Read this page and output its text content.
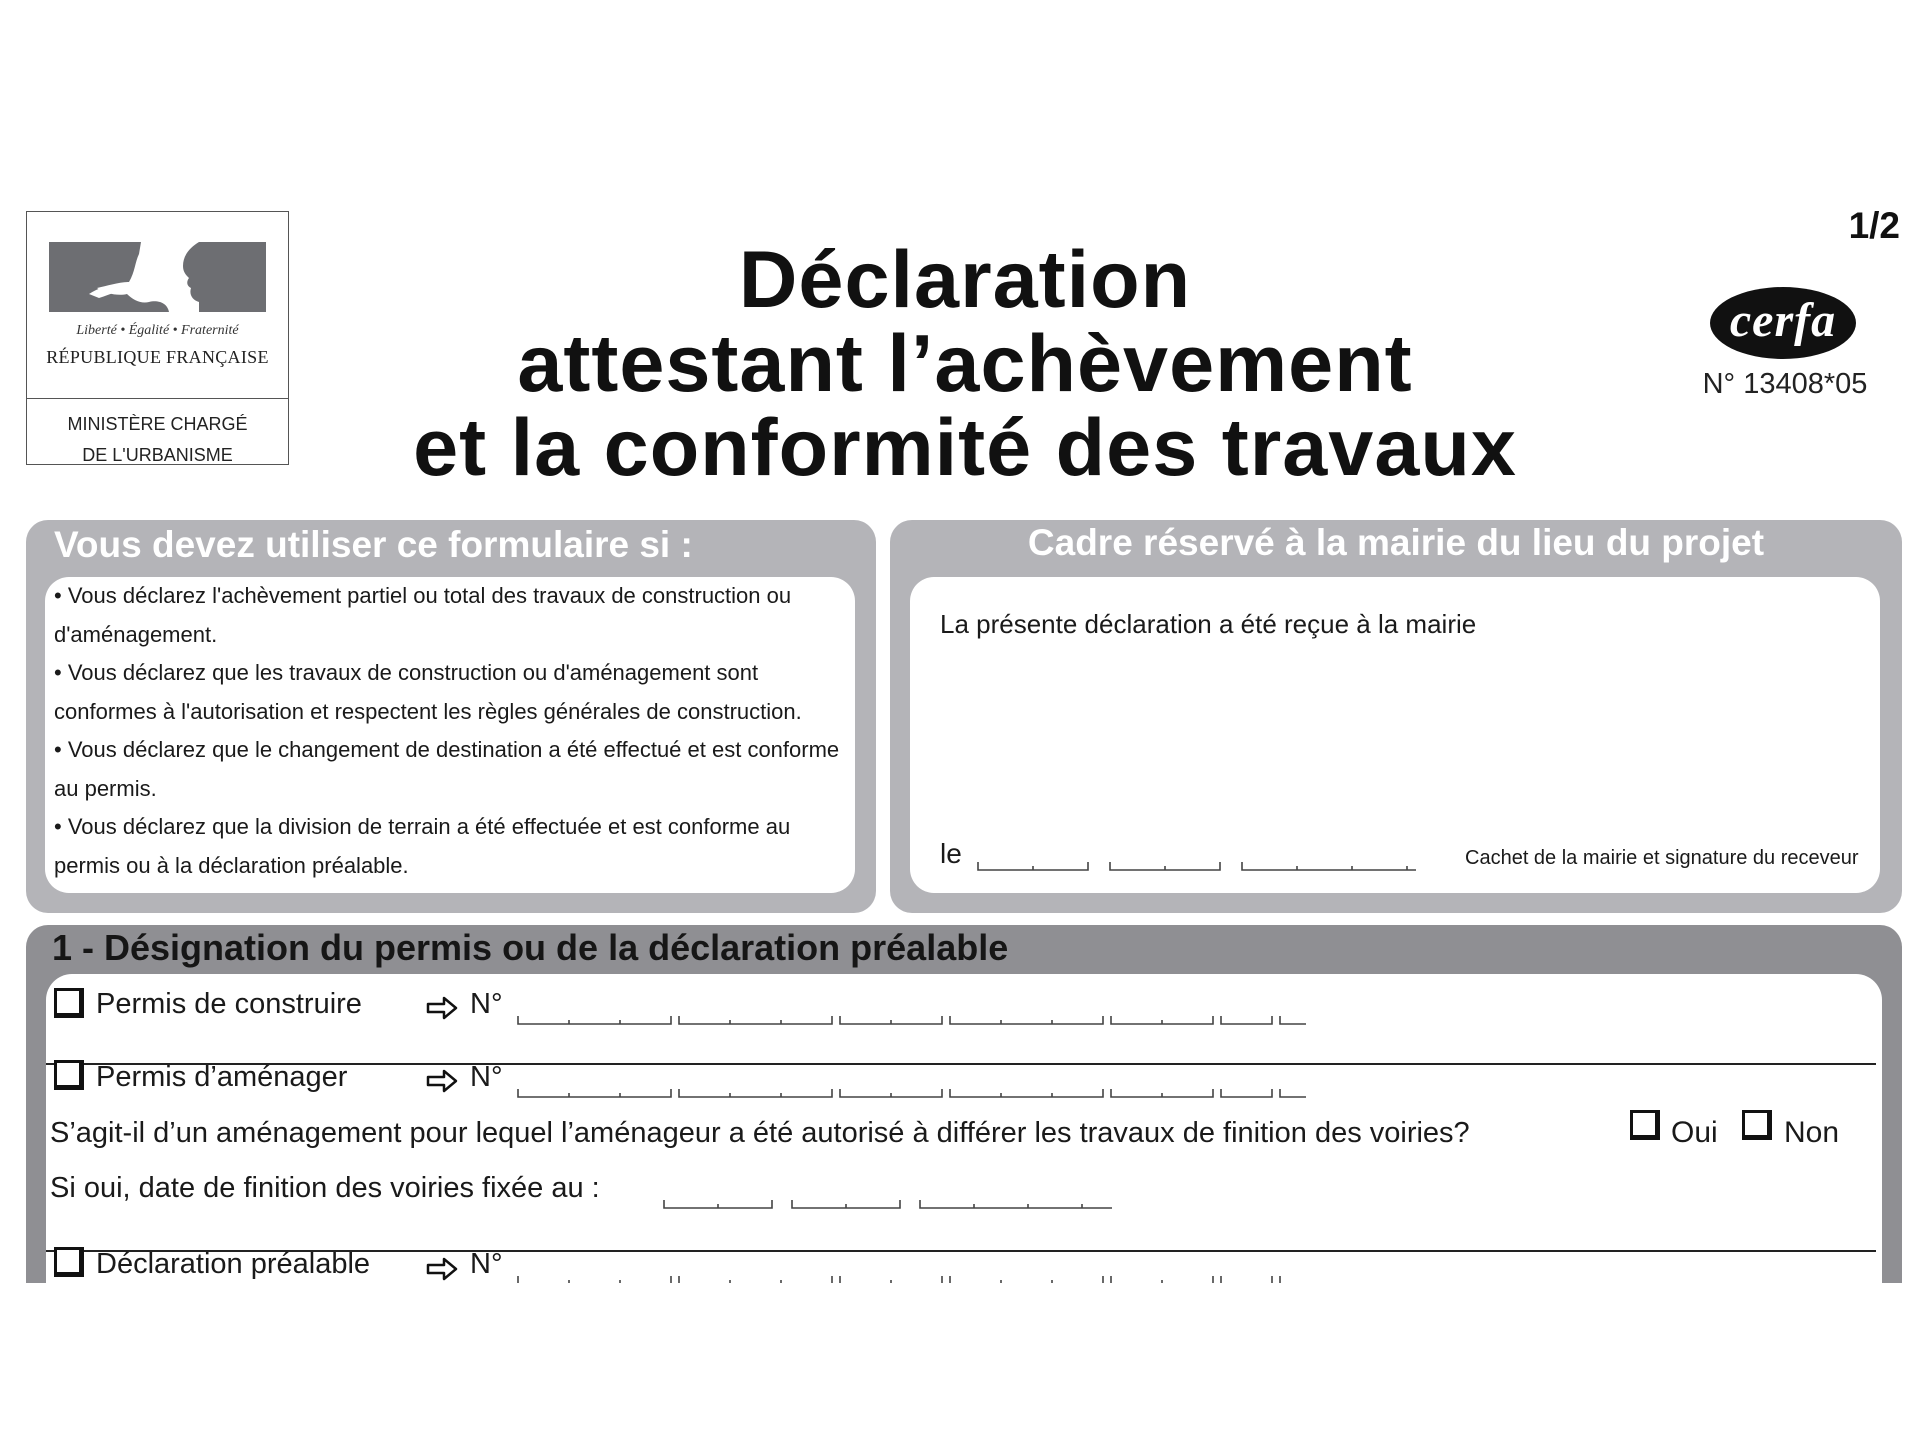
Liberté • Égalité • Fraternité
RÉPUBLIQUE FRANÇAISE
MINISTÈRE CHARGÉ
DE L'URBANISME
Déclaration
attestant l’achèvement
et la conformité des travaux
1/2
cerfa
N° 13408*05
Vous devez utiliser ce formulaire si :
• Vous déclarez l'achèvement partiel ou total des travaux de construction ou d'aménagement.
• Vous déclarez que les travaux de construction ou d'aménagement sont conformes à l'autorisation et respectent les règles générales de construction.
• Vous déclarez que le changement de destination a été effectué et est conforme au permis.
• Vous déclarez que la division de terrain a été effectuée et est conforme au permis ou à la déclaration préalable.
Cadre réservé à la mairie du lieu du projet
La présente déclaration a été reçue à la mairie
le	Cachet de la mairie et signature du receveur
1 - Désignation du permis ou de la déclaration préalable
Permis de construire	N°
Permis d’aménager	N°
S’agit-il d’un aménagement pour lequel l’aménageur a été autorisé à différer les travaux de finition des voiries?	Oui Non
Si oui, date de finition des voiries fixée au :
Déclaration préalable	N°
